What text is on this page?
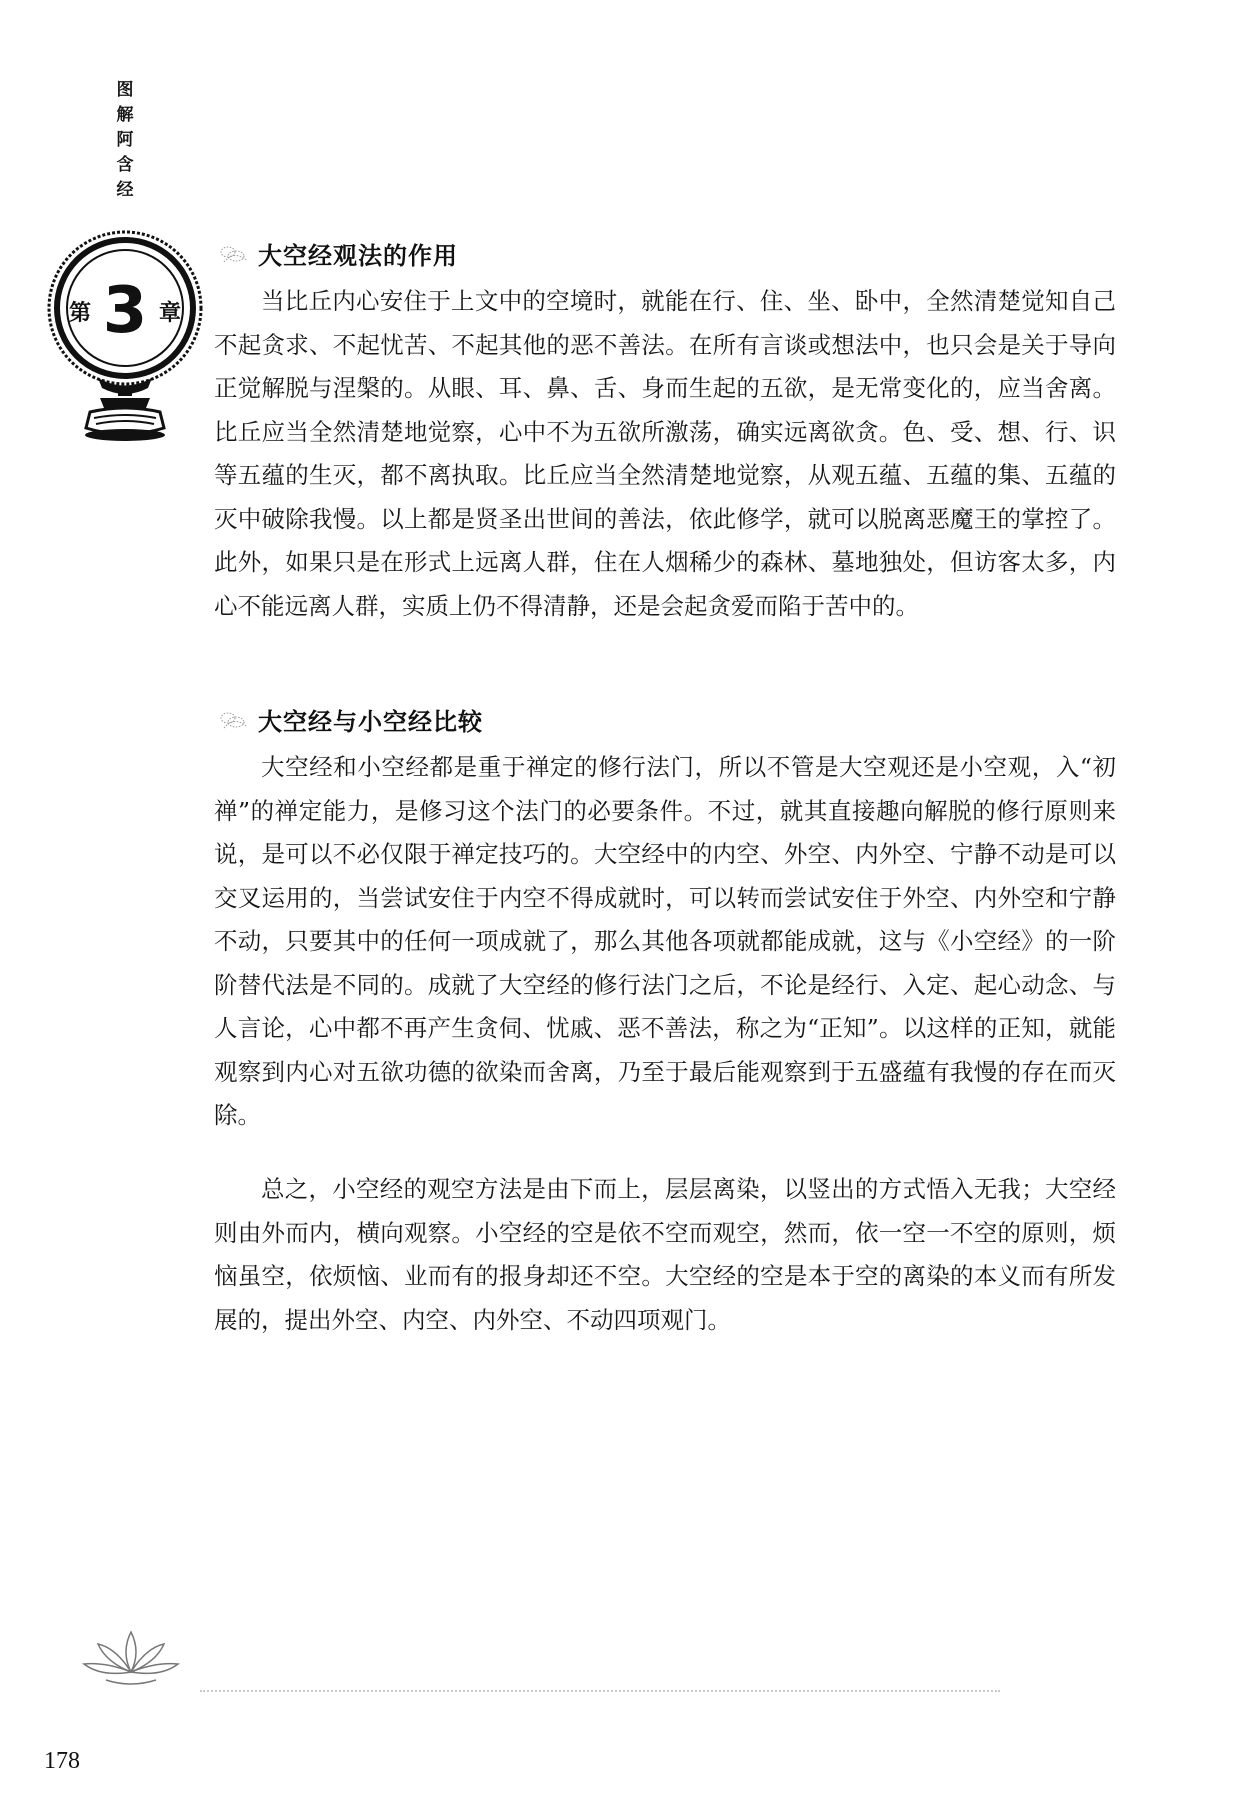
图
解
阿
含
经
第 3 章
大空经观法的作用

当比丘内心安住于上文中的空境时，就能在行、住、坐、卧中，全然清楚觉知自己不起贪求、不起忧苦、不起其他的恶不善法。在所有言谈或想法中，也只会是关于导向正觉解脱与涅槃的。从眼、耳、鼻、舌、身而生起的五欲，是无常变化的，应当舍离。比丘应当全然清楚地觉察，心中不为五欲所激荡，确实远离欲贪。色、受、想、行、识等五蕴的生灭，都不离执取。比丘应当全然清楚地觉察，从观五蕴、五蕴的集、五蕴的灭中破除我慢。以上都是贤圣出世间的善法，依此修学，就可以脱离恶魔王的掌控了。此外，如果只是在形式上远离人群，住在人烟稀少的森林、墓地独处，但访客太多，内心不能远离人群，实质上仍不得清静，还是会起贪爱而陷于苦中的。

大空经与小空经比较

大空经和小空经都是重于禅定的修行法门，所以不管是大空观还是小空观，入“初禅”的禅定能力，是修习这个法门的必要条件。不过，就其直接趣向解脱的修行原则来说，是可以不必仅限于禅定技巧的。大空经中的内空、外空、内外空、宁静不动是可以交叉运用的，当尝试安住于内空不得成就时，可以转而尝试安住于外空、内外空和宁静不动，只要其中的任何一项成就了，那么其他各项就都能成就，这与《小空经》的一阶阶替代法是不同的。成就了大空经的修行法门之后，不论是经行、入定、起心动念、与人言论，心中都不再产生贪伺、忧戚、恶不善法，称之为“正知”。以这样的正知，就能观察到内心对五欲功德的欲染而舍离，乃至于最后能观察到于五盛蕴有我慢的存在而灭除。

总之，小空经的观空方法是由下而上，层层离染，以竖出的方式悟入无我；大空经则由外而内，横向观察。小空经的空是依不空而观空，然而，依一空一不空的原则，烦恼虽空，依烦恼、业而有的报身却还不空。大空经的空是本于空的离染的本义而有所发展的，提出外空、内空、内外空、不动四项观门。

178
